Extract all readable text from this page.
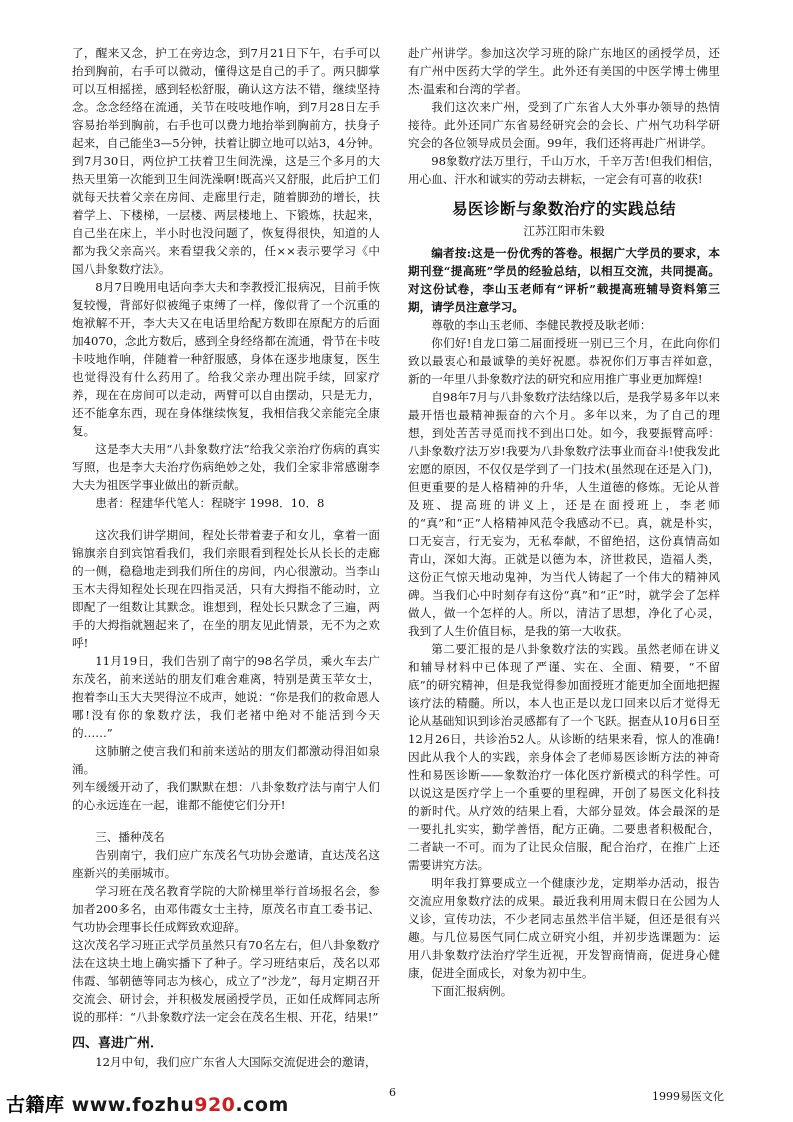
了，醒来又念，护工在旁边念，到7月21日下午，右手可以抬到胸前，右手可以微动，懂得这是自己的手了。两只脚掌可以互相摇搓，感到轻松舒服，确认这方法不错，继续坚持念。念念经络在流通，关节在吱吱地作响，到7月28日左手容易抬举到胸前，右手也可以费力地抬举到胸前方，扶身子起来，自己能坐3—5分钟，扶着让脚立地可以站3，4分钟。到7月30日，两位护工扶着卫生间洗澡，这是三个多月的大热天里第一次能到卫生间洗澡啊!既高兴又舒服，此后护工们就每天扶着父亲在房间、走廊里行走，随着脚劲的增长，扶着学上、下楼梯，一层楼、两层楼地上、下锻炼，扶起来，自己坐在床上，半小时也没问题了，恢复得很快，知道的人都为我父亲高兴。来看望我父亲的，任××表示要学习《中国八卦象数疗法》。

8月7日晚用电话向李大夫和李教授汇报病况，目前手恢复较慢，背部好似被绳子束缚了一样，像似背了一个沉重的炮袱解不开，李大夫又在电话里给配方数即在原配方的后面加4070，念此方数后，感到全身经络都在流通，骨节在卡吱卡吱地作响，伴随着一种舒服感，身体在逐步地康复，医生也觉得没有什么药用了。给我父亲办理出院手续，回家疗养，现在在房间可以走动，两臂可以自由摆动，只是无力，还不能拿东西，现在身体继续恢复，我相信我父亲能完全康复。

这是李大夫用“八卦象数疗法”给我父亲治疗伤病的真实写照，也是李大夫治疗伤病绝妙之处，我们全家非常感谢李大夫为祖医学事业做出的新贡献。

患者：程建华代笔人：程晓宇 1998．10．8

这次我们讲学期间，程处长带着妻子和女儿，拿着一面锦旗亲自到宾馆看我们，我们亲眼看到程处长从长长的走廊的一侧，稳稳地走到我们所住的房间，内心很激动。当李山玉木夫得知程处长现在四指灵活，只有大拇指不能动时，立即配了一组数让其默念。谁想到，程处长只默念了三遍，两手的大拇指就翘起来了，在坐的朋友见此情景，无不为之欢呼!

11月19日，我们告别了南宁的98名学员，乘火车去广东茂名，前来送站的朋友们难舍难离，特别是黄玉苹女士，抱着李山玉大夫哭得泣不成声，她说：“你是我们的救命恩人哪!没有你的象数疗法，我们老褚中绝对不能活到今天的……”

这肺腑之使言我们和前来送站的朋友们都激动得泪如泉涌。

列车缓缓开动了，我们默默在想：八卦象数疗法与南宁人们的心永远连在一起，谁都不能使它们分开!

三、播种茂名

告别南宁，我们应广东茂名气功协会邀请，直达茂名这座新兴的美丽城市。

学习班在茂名教育学院的大阶梯里举行首场报名会，参加者200多名，由邓伟霞女士主持，原茂名市直工委书记、气功协会理事长任成辉致欢迎辞。

这次茂名学习班正式学员虽然只有70名左右，但八卦象数疗法在这块土地上确实播下了种子。学习班结束后，茂名以邓伟霞、邹朝德等同志为核心，成立了“沙龙”，每月定期召开交流会、研讨会，并积极发展函授学员，正如任成辉同志所说的那样：“八卦象数疗法一定会在茂名生根、开花，结果!”

四、喜进广州．

12月中旬，我们应广东省人大国际交流促进会的邀请，

赴广州讲学。参加这次学习班的除广东地区的函授学员，还有广州中医药大学的学生。此外还有美国的中医学博士佛里杰·温索和台湾的学者。

我们这次来广州，受到了广东省人大外事办领导的热情接待。此外还同广东省易经研究会的会长、广州气功科学研究会的各位领导成员会面。99年，我们还将再赴广州讲学。

98象数疗法万里行，千山万水，千辛万苦!但我们相信，用心血、汗水和诚实的劳动去耕耘，一定会有可喜的收获!

易医诊断与象数治疗的实践总结
江苏江阳市朱毅

编者按:这是一份优秀的答卷。根据广大学员的要求，本期刊登“提高班”学员的经验总结，以相互交流，共同提高。对这份试卷，李山玉老师有“评析”载提高班辅导资料第三期，请学员注意学习。

尊敬的李山玉老师、李健民教授及耿老师：

你们好!自龙口第二届面授班一别已三个月，在此向你们致以最衷心和最诚挚的美好祝愿。恭祝你们万事吉祥如意，新的一年里八卦象数疗法的研究和应用推广事业更加辉煌!

自98年7月与八卦象数疗法结缘以后，是我学易多年以来最开悟也最精神振奋的六个月。多年以来，为了自己的理想，到处苦苦寻觅而找不到出口处。如今，我要振臂高呼：八卦象数疗法万岁!我要为八卦象数疗法事业而奋斗!使我发此宏愿的原因，不仅仅是学到了一门技术(虽然现在还是入门)，但更重要的是人格精神的升华，人生道德的修炼。无论从普及班、提高班的讲义上，还是在面授班上，李老师的“真”和“正”人格精神风范令我感动不已。真，就是朴实，口无妄言，行无妄为，无私奉献，不留绝招，这份真情高如青山，深如大海。正就是以德为本，济世救民，造福人类，这份正气惊天地动鬼神，为当代人铸起了一个伟大的精神风碑。当我们心中时刻存有这份“真”和“正”时，就学会了怎样做人，做一个怎样的人。所以，清洁了思想，净化了心灵，我到了人生价值目标，是我的第一大收获。

第二要汇报的是八卦象数疗法的实践。虽然老师在讲义和辅导材料中已体现了严谨、实在、全面、精要，“不留底”的研究精神，但是我觉得参加面授班才能更加全面地把握该疗法的精髓。所以，本人也正是以龙口回来以后才觉得无论从基础知识到诊治灵感都有了一个飞跃。据查从10月6日至12月26日，共诊治52人。从诊断的结果来看，惊人的准确!因此从我个人的实践，亲身体会了老师易医诊断方法的神奇性和易医诊断——象数治疗一体化医疗新模式的科学性。可以说这是医疗学上一个重要的里程碑，开创了易医文化科技的新时代。从疗效的结果上看，大部分显效。体会最深的是一要扎扎实实，勤学善悟，配方正确。二要患者积极配合，二者缺一不可。而为了让民众信服，配合治疗，在推广上还需要讲究方法。

明年我打算要成立一个健康沙龙，定期举办活动，报告交流应用象数疗法的成果。最近我利用周末假日在公园为人义诊，宣传功法，不少老同志虽然半信半疑，但还是很有兴趣。与几位易医气同仁成立研究小组，并初步选课题为：运用八卦象数疗法治疗学生近视，开发智商情商，促进身心健康，促进全面成长，对象为初中生。

下面汇报病例。

古籍库 www.fozhu920.com
6	1999易医文化
